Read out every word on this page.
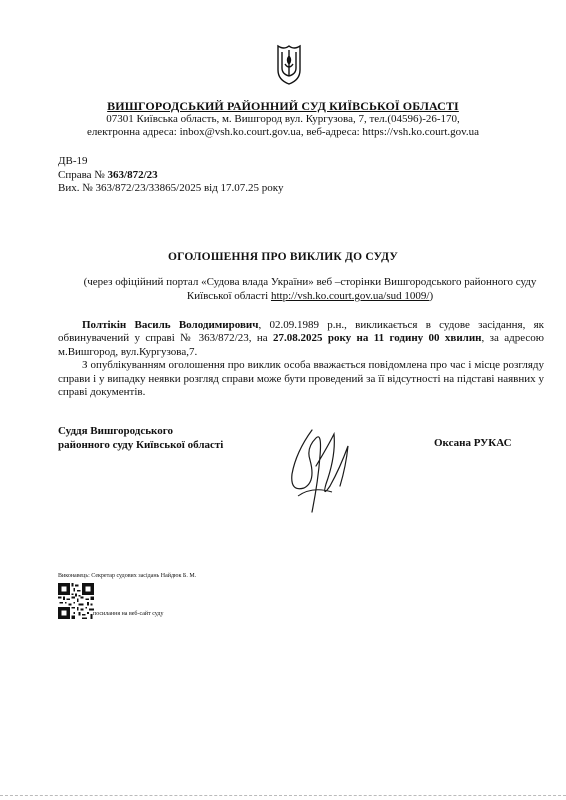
ВИШГОРОДСЬКИЙ РАЙОННИЙ СУД КИЇВСЬКОЇ ОБЛАСТІ
07301 Київська область, м. Вишгород вул. Кургузова, 7, тел.(04596)-26-170,
електронна адреса: inbox@vsh.ko.court.gov.ua, веб-адреса: https://vsh.ko.court.gov.ua
ДВ-19
Справа № 363/872/23
Вих. № 363/872/23/33865/2025 від 17.07.25 року
ОГОЛОШЕННЯ ПРО ВИКЛИК ДО СУДУ
(через офіційний портал «Судова влада України» веб –сторінки Вишгородського районного суду Київської області http://vsh.ko.court.gov.ua/sud 1009/)

Полтікін Василь Володимирович, 02.09.1989 р.н., викликається в судове засідання, як обвинувачений у справі № 363/872/23, на 27.08.2025 року на 11 годину 00 хвилин, за адресою м.Вишгород, вул.Кургузова,7.

З опублікуванням оголошення про виклик особа вважається повідомлена про час і місце розгляду справи і у випадку неявки розгляд справи може бути проведений за її відсутності на підставі наявних у справі документів.

Суддя Вишгородського
районного суду Київської області	Оксана РУКАС
Виконавець: Секретар судових засідань Найдюк Б. М.
посилання на веб-сайт суду
